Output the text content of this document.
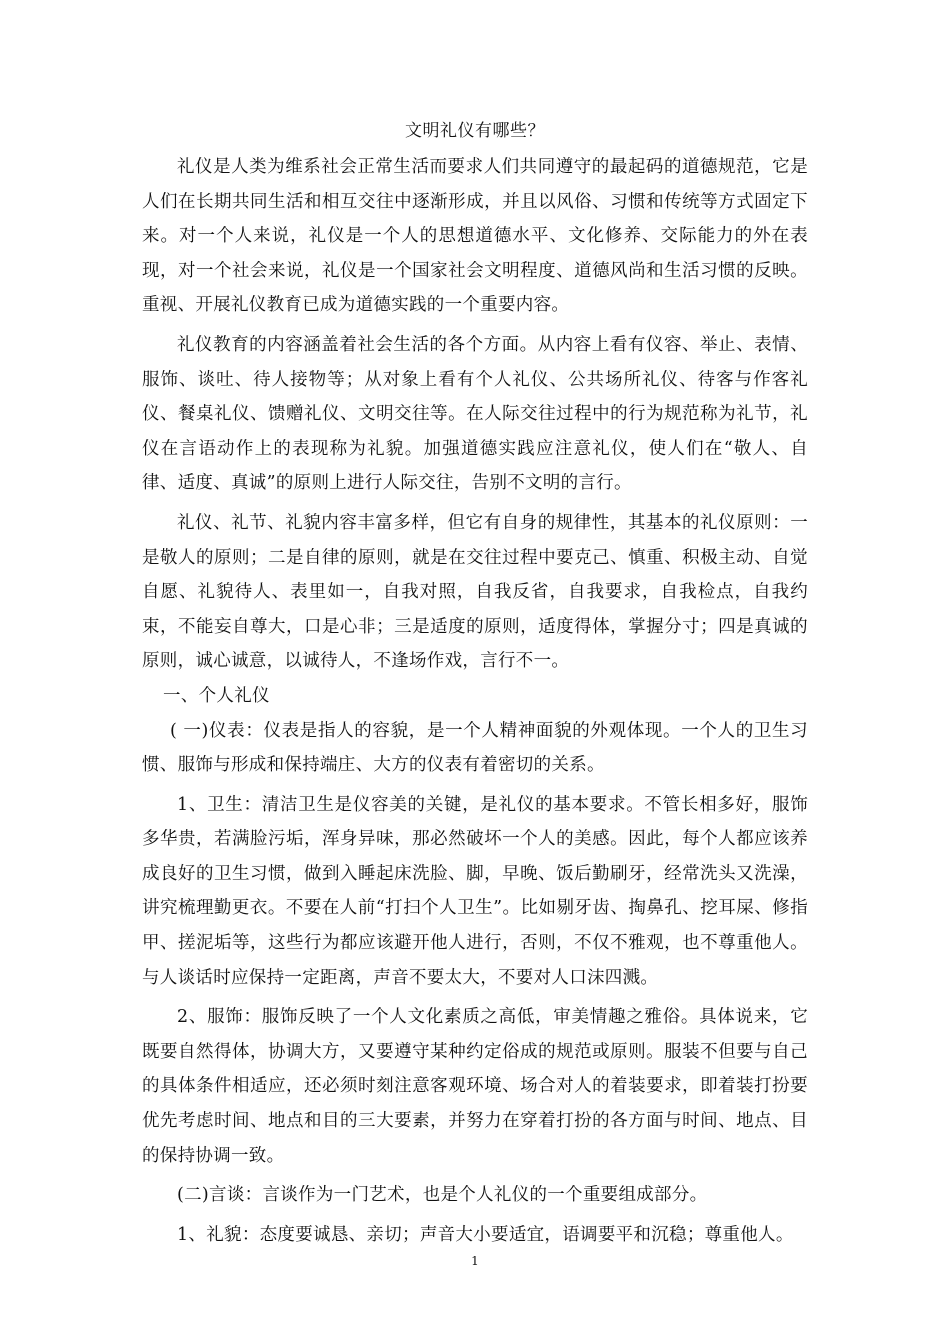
文明礼仪有哪些？

礼仪是人类为维系社会正常生活而要求人们共同遵守的最起码的道德规范，它是人们在长期共同生活和相互交往中逐渐形成，并且以风俗、习惯和传统等方式固定下来。对一个人来说，礼仪是一个人的思想道德水平、文化修养、交际能力的外在表现，对一个社会来说，礼仪是一个国家社会文明程度、道德风尚和生活习惯的反映。重视、开展礼仪教育已成为道德实践的一个重要内容。

礼仪教育的内容涵盖着社会生活的各个方面。从内容上看有仪容、举止、表情、服饰、谈吐、待人接物等；从对象上看有个人礼仪、公共场所礼仪、待客与作客礼仪、餐桌礼仪、馈赠礼仪、文明交往等。在人际交往过程中的行为规范称为礼节，礼仪在言语动作上的表现称为礼貌。加强道德实践应注意礼仪，使人们在“敬人、自律、适度、真诚”的原则上进行人际交往，告别不文明的言行。

礼仪、礼节、礼貌内容丰富多样，但它有自身的规律性，其基本的礼仪原则：一是敬人的原则；二是自律的原则，就是在交往过程中要克己、慎重、积极主动、自觉自愿、礼貌待人、表里如一，自我对照，自我反省，自我要求，自我检点，自我约束，不能妄自尊大，口是心非；三是适度的原则，适度得体，掌握分寸；四是真诚的原则，诚心诚意，以诚待人，不逢场作戏，言行不一。

一、个人礼仪

( 一)仪表：仪表是指人的容貌，是一个人精神面貌的外观体现。一个人的卫生习惯、服饰与形成和保持端庄、大方的仪表有着密切的关系。

1、卫生：清洁卫生是仪容美的关键，是礼仪的基本要求。不管长相多好，服饰多华贵，若满脸污垢，浑身异味，那必然破坏一个人的美感。因此，每个人都应该养成良好的卫生习惯，做到入睡起床洗脸、脚，早晚、饭后勤刷牙，经常洗头又洗澡，讲究梳理勤更衣。不要在人前“打扫个人卫生”。比如剔牙齿、掏鼻孔、挖耳屎、修指甲、搓泥垢等，这些行为都应该避开他人进行，否则，不仅不雅观，也不尊重他人。与人谈话时应保持一定距离，声音不要太大，不要对人口沫四溅。

2、服饰：服饰反映了一个人文化素质之高低，审美情趣之雅俗。具体说来，它既要自然得体，协调大方，又要遵守某种约定俗成的规范或原则。服装不但要与自己的具体条件相适应，还必须时刻注意客观环境、场合对人的着装要求，即着装打扮要优先考虑时间、地点和目的三大要素，并努力在穿着打扮的各方面与时间、地点、目的保持协调一致。

(二)言谈：言谈作为一门艺术，也是个人礼仪的一个重要组成部分。

1、礼貌：态度要诚恳、亲切；声音大小要适宜，语调要平和沉稳；尊重他人。

1
